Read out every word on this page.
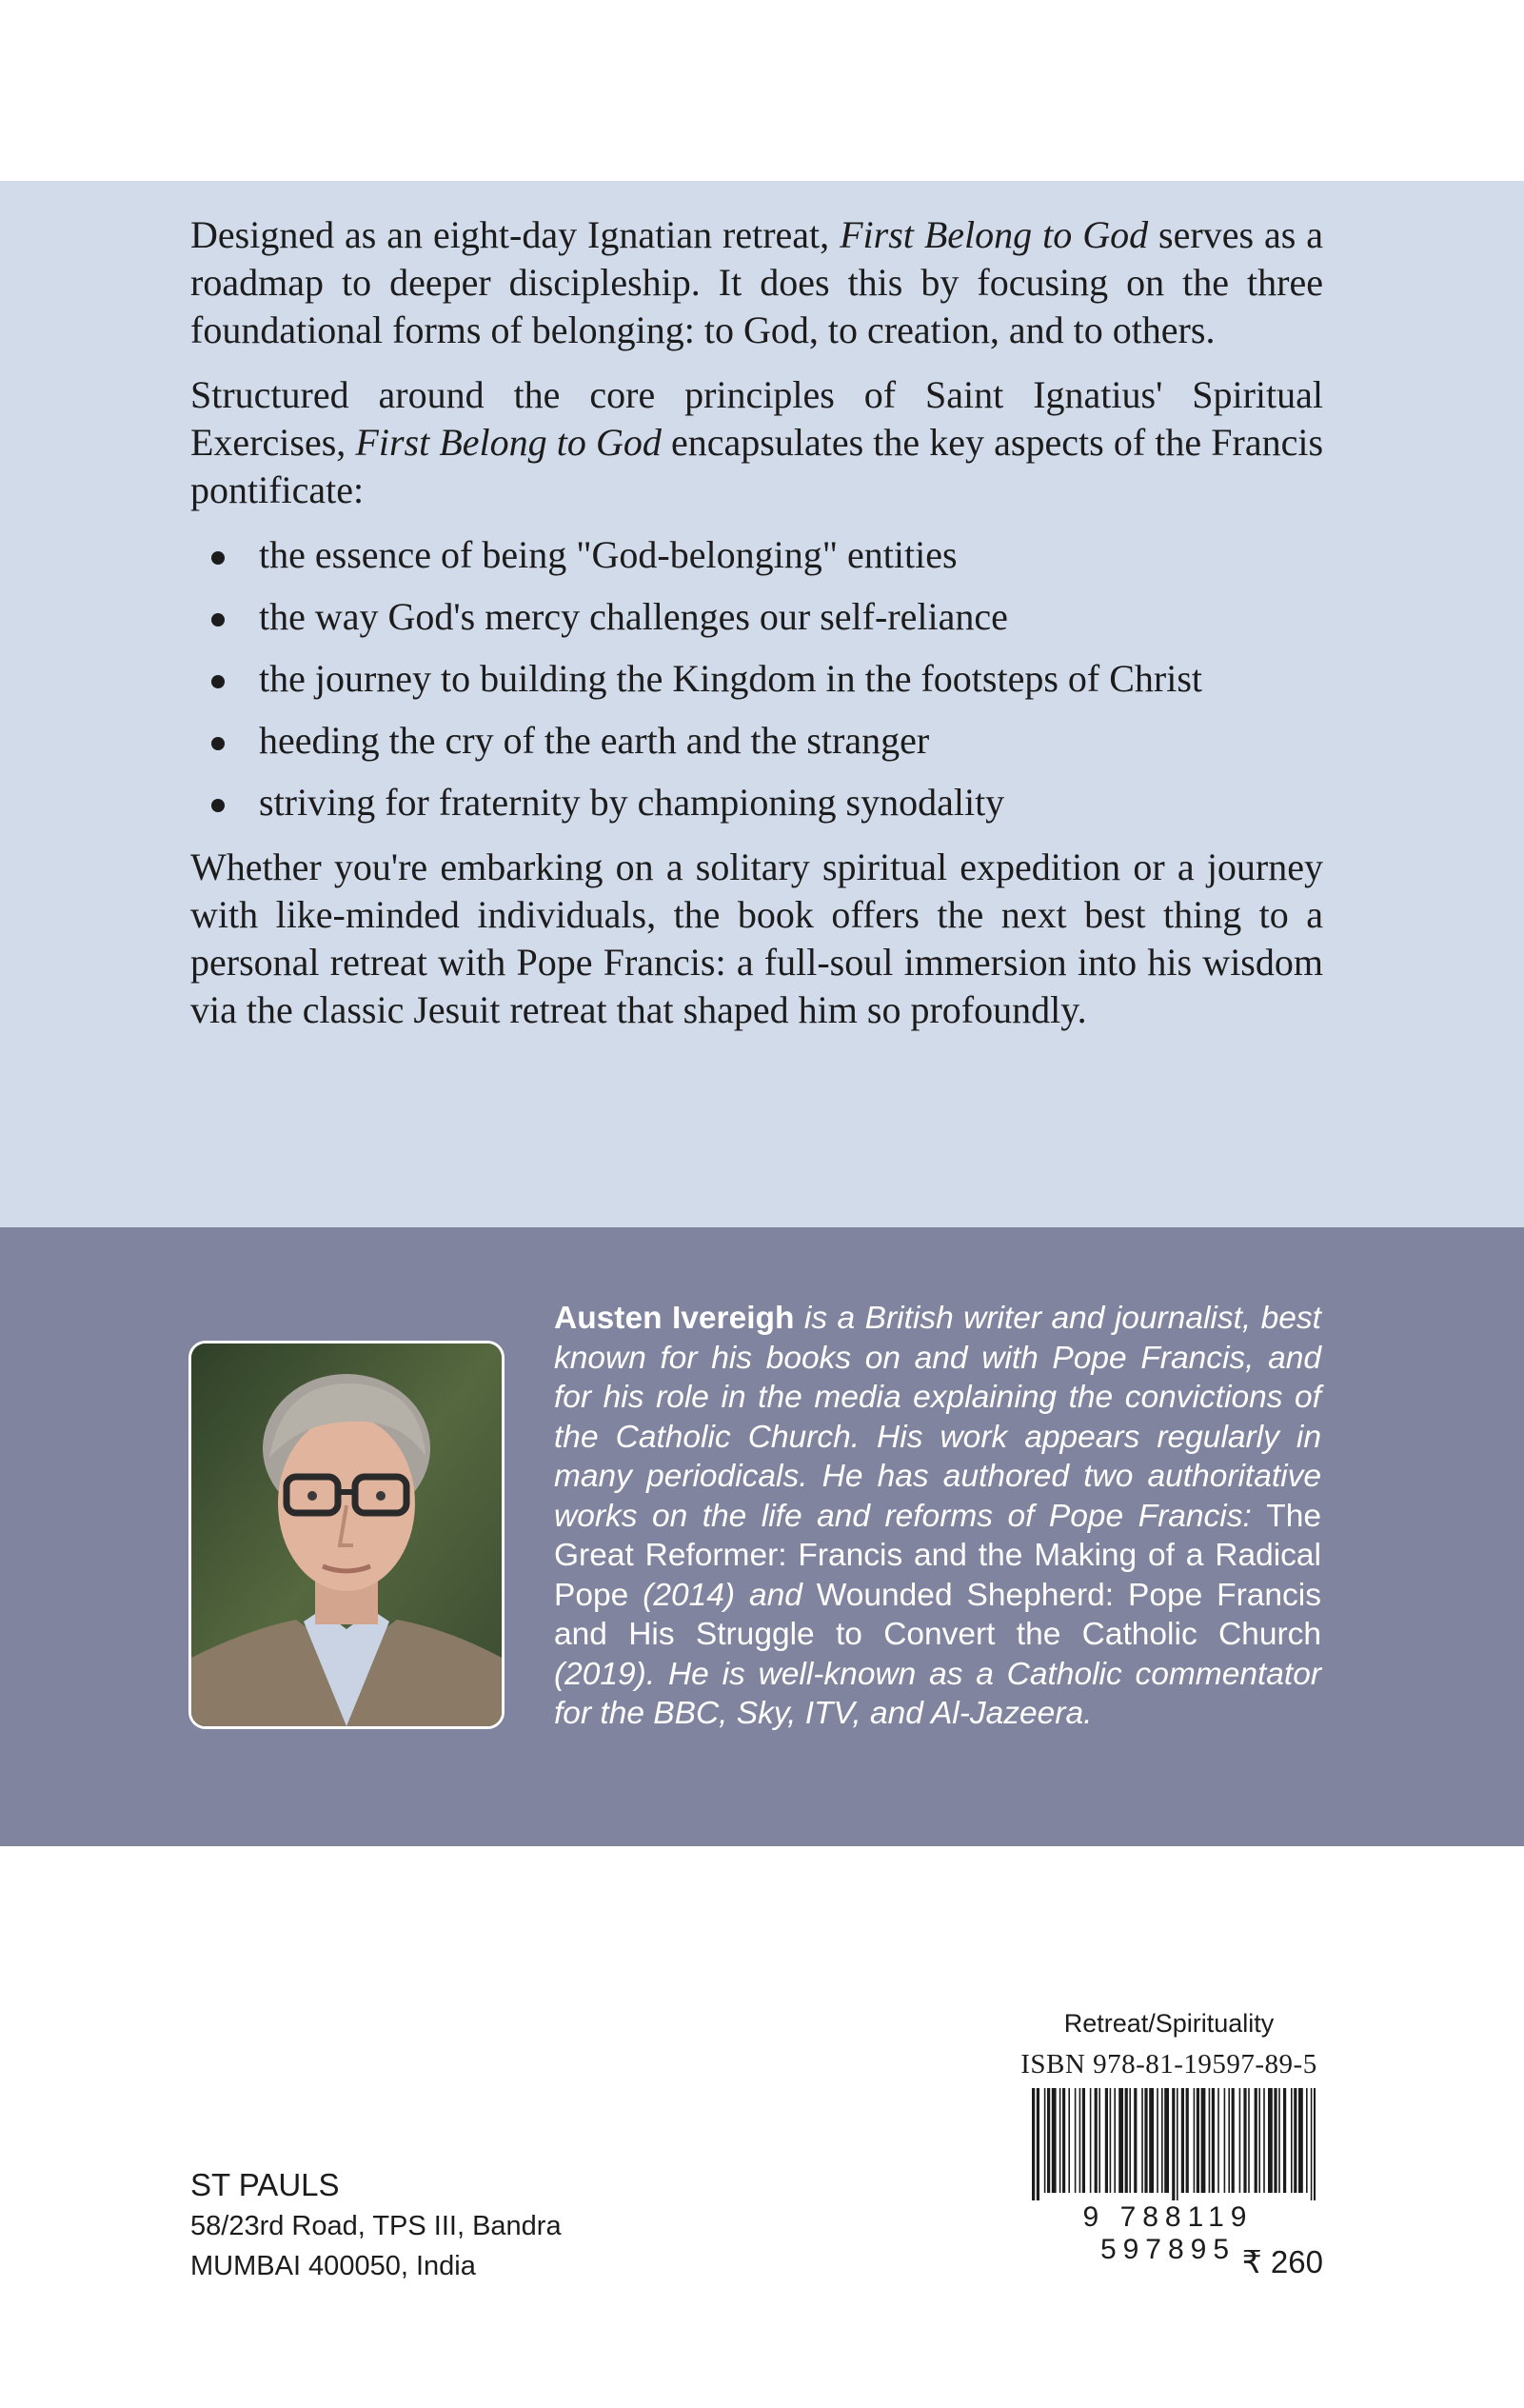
Designed as an eight-day Ignatian retreat, First Belong to God serves as a roadmap to deeper discipleship. It does this by focusing on the three foundational forms of belonging: to God, to creation, and to others.

Structured around the core principles of Saint Ignatius' Spiritual Exercises, First Belong to God encapsulates the key aspects of the Francis pontificate:

the essence of being "God-belonging" entities
the way God's mercy challenges our self-reliance
the journey to building the Kingdom in the footsteps of Christ
heeding the cry of the earth and the stranger
striving for fraternity by championing synodality

Whether you're embarking on a solitary spiritual expedition or a journey with like-minded individuals, the book offers the next best thing to a personal retreat with Pope Francis: a full-soul immersion into his wisdom via the classic Jesuit retreat that shaped him so profoundly.

Austen Ivereigh is a British writer and journalist, best known for his books on and with Pope Francis, and for his role in the media explaining the convictions of the Catholic Church. His work appears regularly in many periodicals. He has authored two authoritative works on the life and reforms of Pope Francis: The Great Reformer: Francis and the Making of a Radical Pope (2014) and Wounded Shepherd: Pope Francis and His Struggle to Convert the Catholic Church (2019). He is well-known as a Catholic commentator for the BBC, Sky, ITV, and Al-Jazeera.
Retreat/Spirituality
ISBN 978-81-19597-89-5
9 788119 597895 ₹ 260
ST PAULS
58/23rd Road, TPS III, Bandra
MUMBAI 400050, India
